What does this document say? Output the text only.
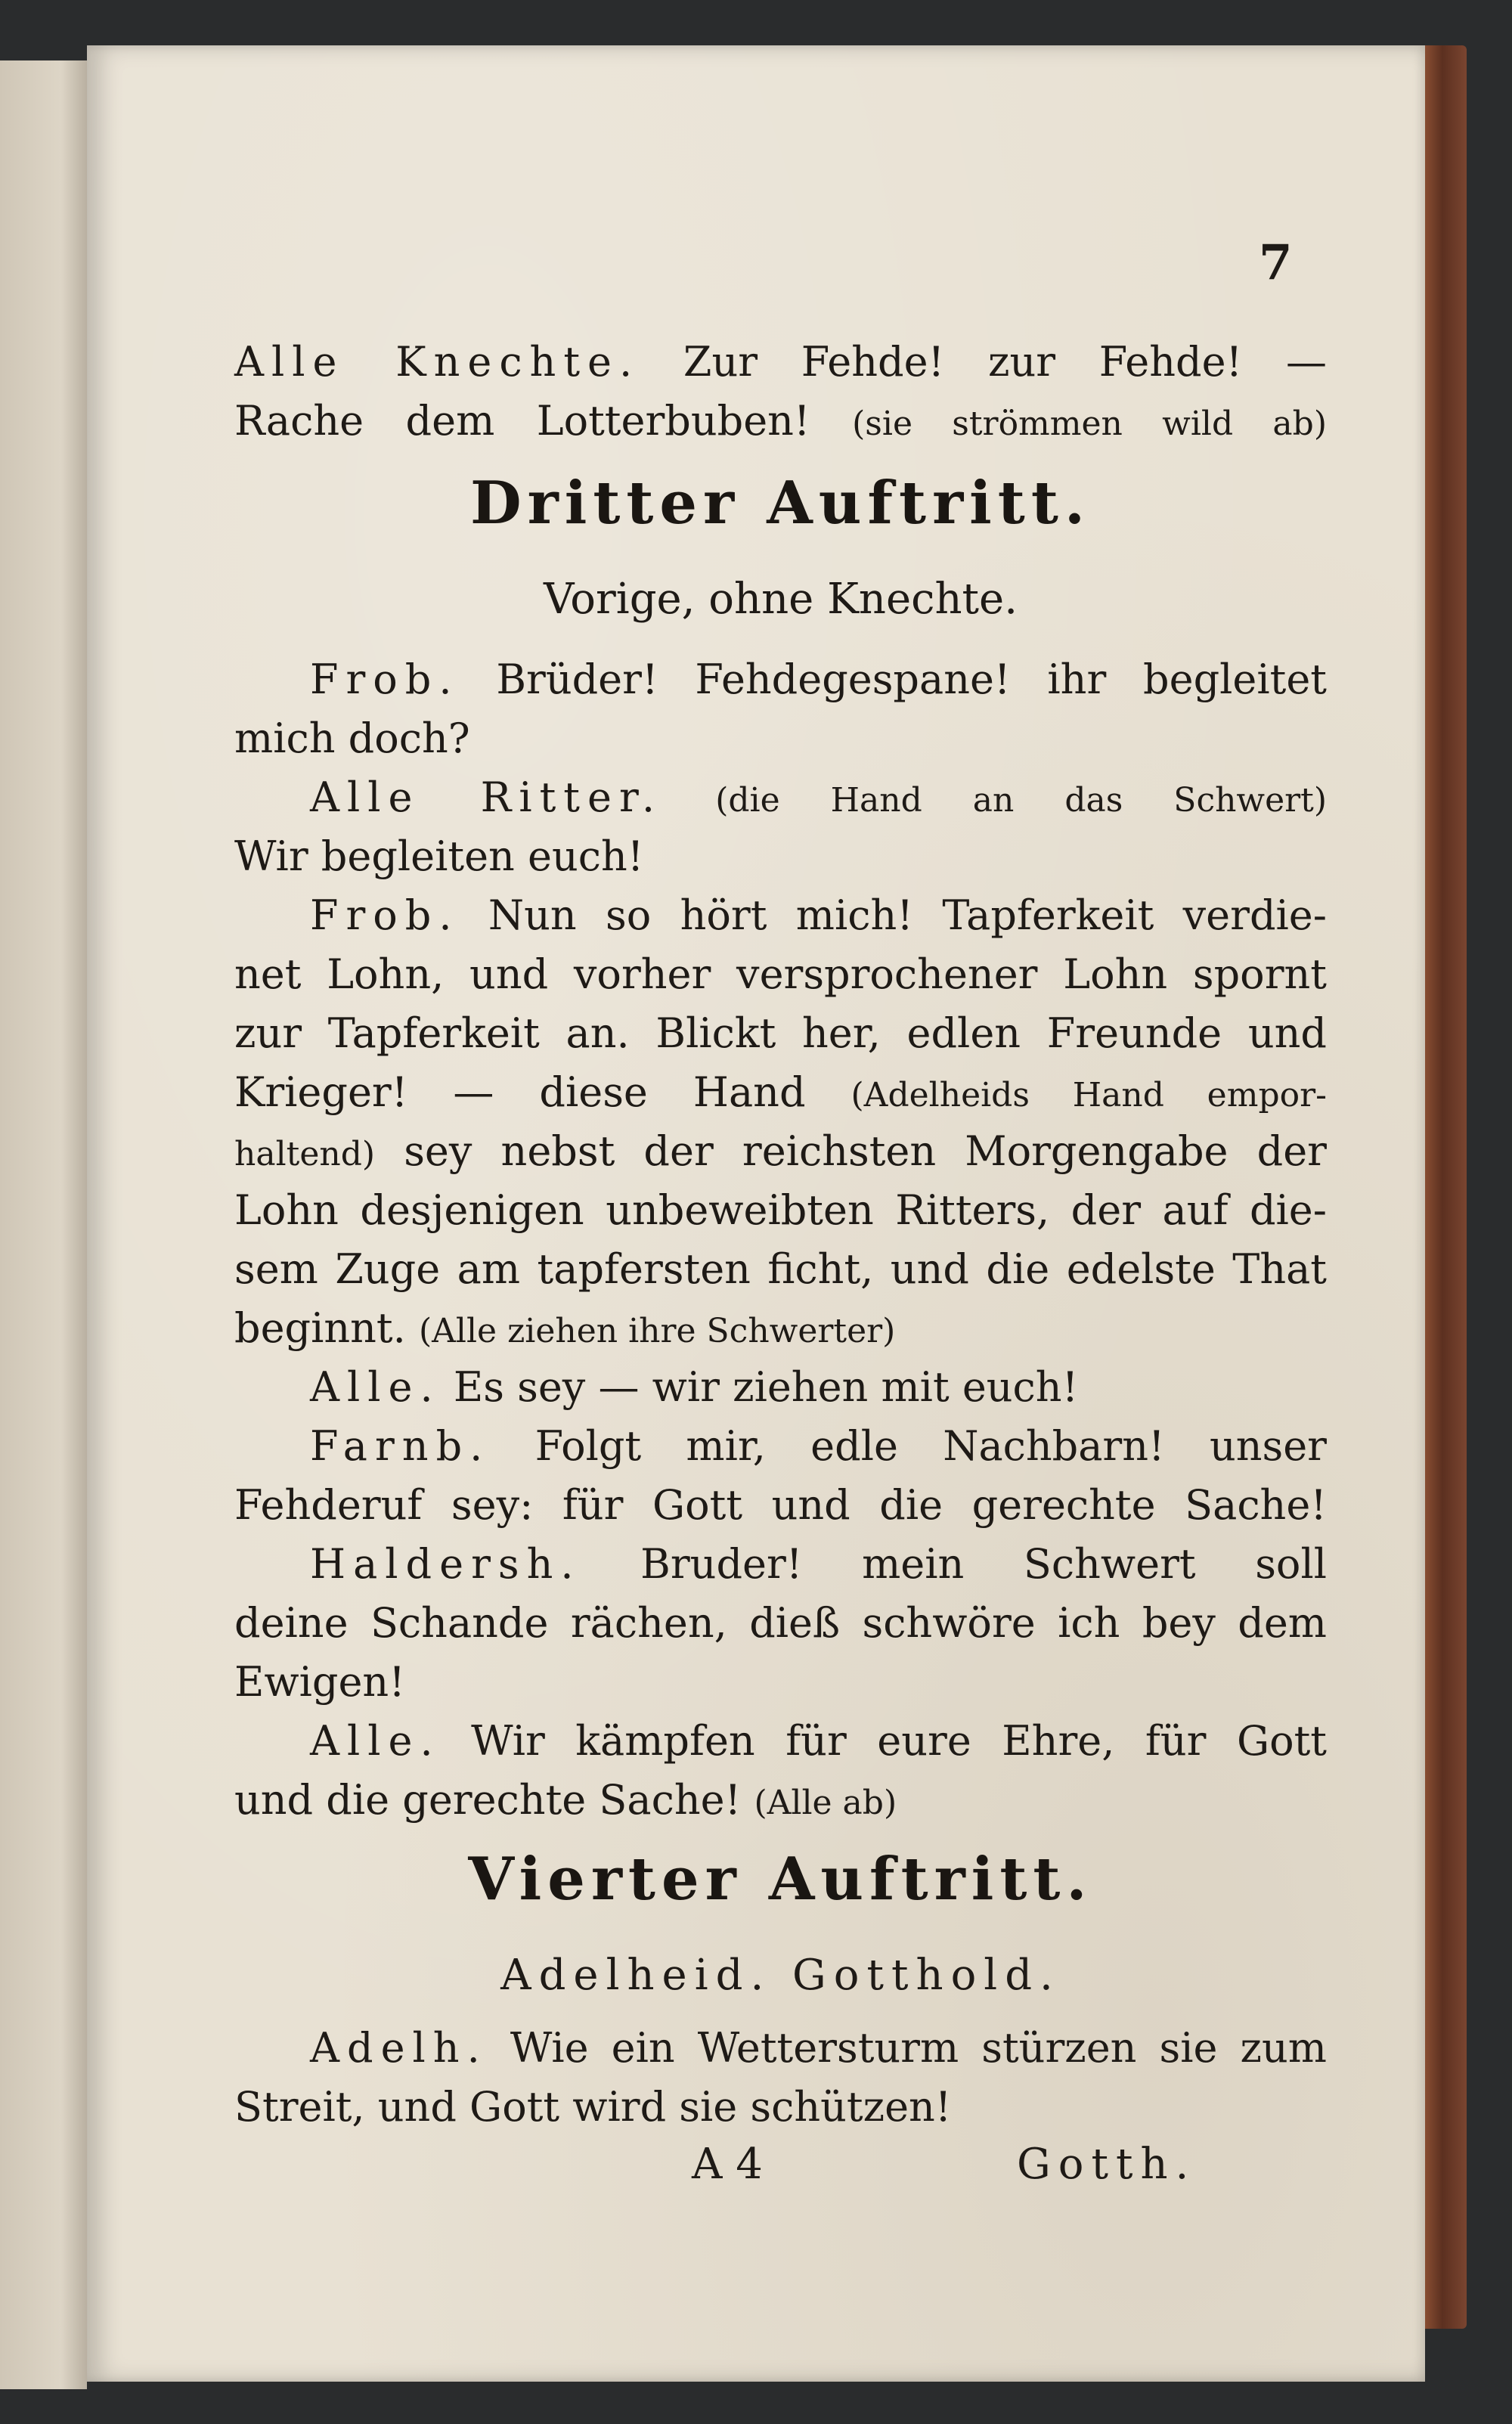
7
Alle Knechte. Zur Fehde! zur Fehde! —
Rache dem Lotterbuben! (sie strömmen wild ab)
Dritter Auftritt.
Vorige, ohne Knechte.
Frob. Brüder! Fehdegespane! ihr begleitet
mich doch?
Alle Ritter. (die Hand an das Schwert)
Wir begleiten euch!
Frob. Nun so hört mich! Tapferkeit verdie-
net Lohn, und vorher versprochener Lohn spornt
zur Tapferkeit an. Blickt her, edlen Freunde und
Krieger! — diese Hand (Adelheids Hand empor-
haltend) sey nebst der reichsten Morgengabe der
Lohn desjenigen unbeweibten Ritters, der auf die-
sem Zuge am tapfersten ficht, und die edelste That
beginnt. (Alle ziehen ihre Schwerter)
Alle. Es sey — wir ziehen mit euch!
Farnb. Folgt mir, edle Nachbarn! unser
Fehderuf sey: für Gott und die gerechte Sache!
Haldersh. Bruder! mein Schwert soll
deine Schande rächen, dieß schwöre ich bey dem
Ewigen!
Alle. Wir kämpfen für eure Ehre, für Gott
und die gerechte Sache! (Alle ab)
Vierter Auftritt.
Adelheid. Gotthold.
Adelh. Wie ein Wettersturm stürzen sie zum
Streit, und Gott wird sie schützen!
A 4	Gotth.
